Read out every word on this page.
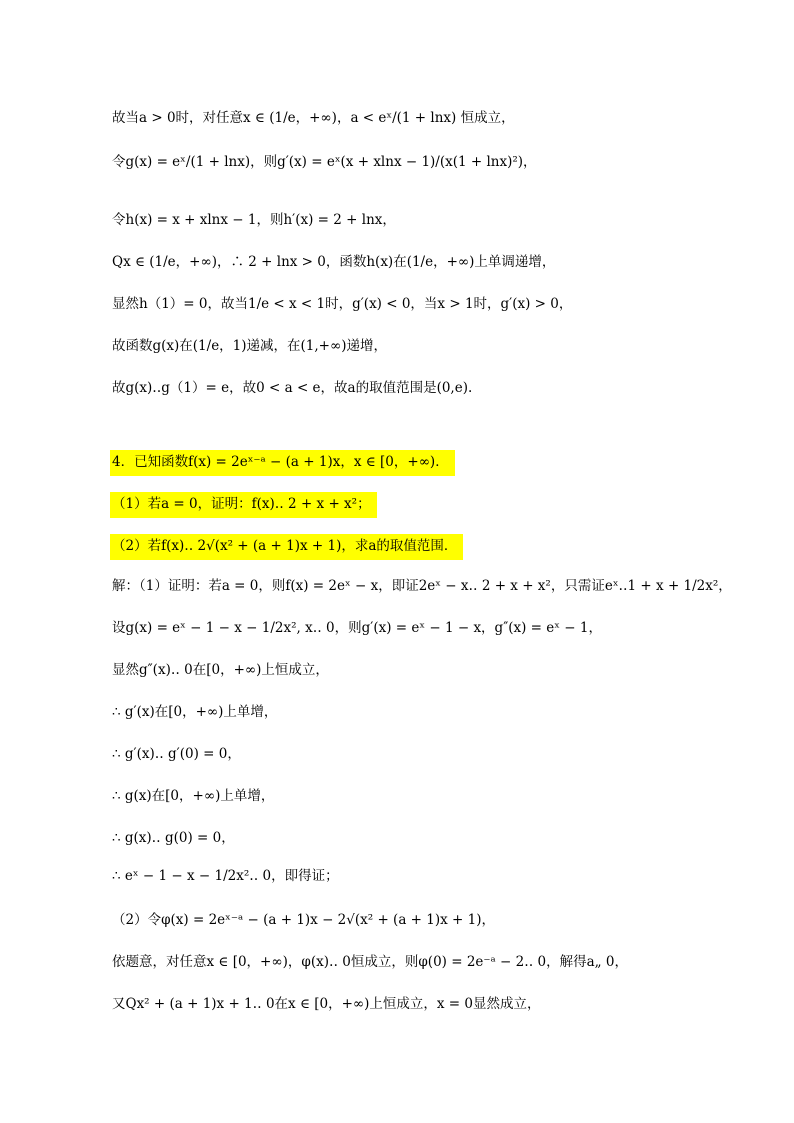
故当a > 0时，对任意x ∈ (1/e，+∞)，a < eˣ/(1 + lnx) 恒成立，
令g(x) = eˣ/(1 + lnx)，则g′(x) = eˣ(x + xlnx − 1)/(x(1 + lnx)²)，
令h(x) = x + xlnx − 1，则h′(x) = 2 + lnx，
Qx ∈ (1/e，+∞)，∴ 2 + lnx > 0，函数h(x)在(1/e，+∞)上单调递增，
显然h（1）= 0，故当1/e < x < 1时，g′(x) < 0，当x > 1时，g′(x) > 0，
故函数g(x)在(1/e，1)递减，在(1,+∞)递增，
故g(x)‥g（1）= e，故0 < a < e，故a的取值范围是(0,e).
4．已知函数f(x) = 2eˣ⁻ᵃ − (a + 1)x，x ∈ [0，+∞)．
（1）若a = 0，证明：f(x)‥ 2 + x + x²；
（2）若f(x)‥ 2√(x² + (a + 1)x + 1)，求a的取值范围．
解：（1）证明：若a = 0，则f(x) = 2eˣ − x，即证2eˣ − x‥ 2 + x + x²，只需证eˣ‥1 + x + 1/2x²，
设g(x) = eˣ − 1 − x − 1/2x², x‥ 0，则g′(x) = eˣ − 1 − x，g″(x) = eˣ − 1，
显然g″(x)‥ 0在[0，+∞)上恒成立，
∴ g′(x)在[0，+∞)上单增，
∴ g′(x)‥ g′(0) = 0，
∴ g(x)在[0，+∞)上单增，
∴ g(x)‥ g(0) = 0，
∴ eˣ − 1 − x − 1/2x²‥ 0，即得证；
（2）令φ(x) = 2eˣ⁻ᵃ − (a + 1)x − 2√(x² + (a + 1)x + 1)，
依题意，对任意x ∈ [0，+∞)，φ(x)‥ 0恒成立，则φ(0) = 2e⁻ᵃ − 2‥ 0，解得a„ 0，
又Qx² + (a + 1)x + 1‥ 0在x ∈ [0，+∞)上恒成立，x = 0显然成立，
